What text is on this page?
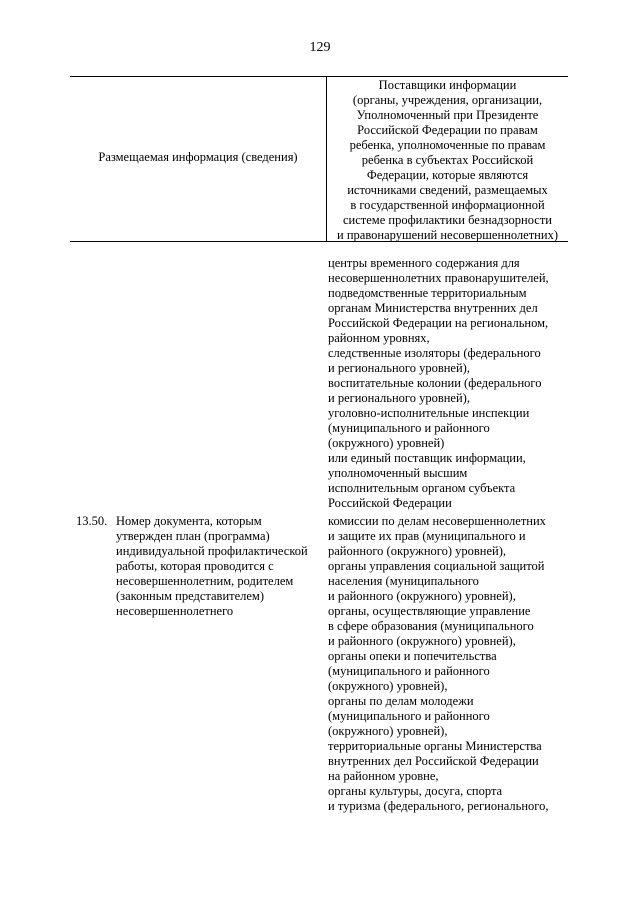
129
Размещаемая информация (сведения)
Поставщики информации
(органы, учреждения, организации,
Уполномоченный при Президенте
Российской Федерации по правам
ребенка, уполномоченные по правам
ребенка в субъектах Российской
Федерации, которые являются
источниками сведений, размещаемых
в государственной информационной
системе профилактики безнадзорности
и правонарушений несовершеннолетних)
центры временного содержания для
несовершеннолетних правонарушителей,
подведомственные территориальным
органам Министерства внутренних дел
Российской Федерации на региональном,
районном уровнях,
следственные изоляторы (федерального
и регионального уровней),
воспитательные колонии (федерального
и регионального уровней),
уголовно-исполнительные инспекции
(муниципального и районного
(окружного) уровней)
или единый поставщик информации,
уполномоченный высшим
исполнительным органом субъекта
Российской Федерации
13.50. Номер документа, которым
утвержден план (программа)
индивидуальной профилактической
работы, которая проводится с
несовершеннолетним, родителем
(законным представителем)
несовершеннолетнего
комиссии по делам несовершеннолетних
и защите их прав (муниципального и
районного (окружного) уровней),
органы управления социальной защитой
населения (муниципального
и районного (окружного) уровней),
органы, осуществляющие управление
в сфере образования (муниципального
и районного (окружного) уровней),
органы опеки и попечительства
(муниципального и районного
(окружного) уровней),
органы по делам молодежи
(муниципального и районного
(окружного) уровней),
территориальные органы Министерства
внутренних дел Российской Федерации
на районном уровне,
органы культуры, досуга, спорта
и туризма (федерального, регионального,
